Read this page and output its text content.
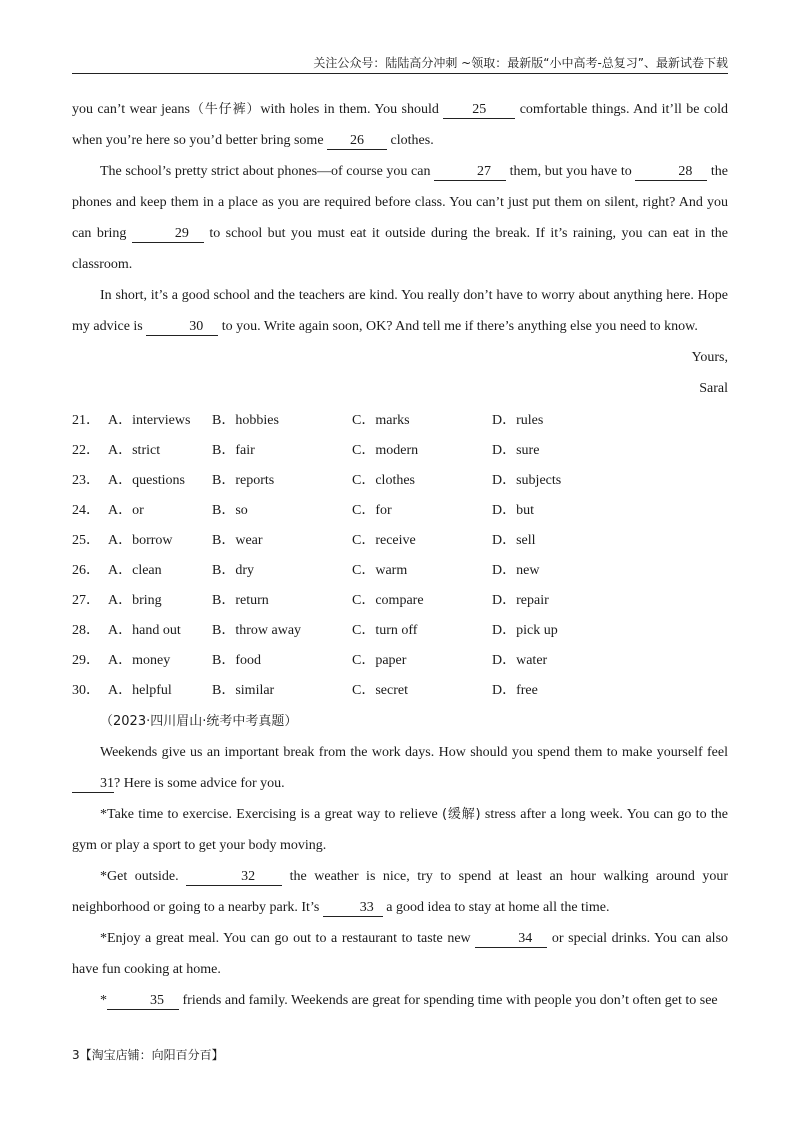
关注公众号：陆陆高分冲刺 ~领取：最新版“小中高考-总复习”、最新试卷下载

you can’t wear jeans（牛仔裤）with holes in them. You should 25 comfortable things. And it’ll be cold when you’re here so you’d better bring some 26 clothes.

The school’s pretty strict about phones—of course you can	27 them, but you have to	28 the phones and keep them in a place as you are required before class. You can’t just put them on silent, right? And you can bring	29 to school but you must eat it outside during the break. If it’s raining, you can eat in the classroom.

In short, it’s a good school and the teachers are kind. You really don’t have to worry about anything here. Hope my advice is	30 to you. Write again soon, OK? And tell me if there’s anything else you need to know.

Yours,

Saral

21． A．interviews	B．hobbies	C．marks	D．rules
22． A．strict	B．fair	C．modern	D．sure
23． A．questions	B．reports	C．clothes	D．subjects
24． A．or	B．so	C．for	D．but
25． A．borrow	B．wear	C．receive	D．sell
26． A．clean	B．dry	C．warm	D．new
27． A．bring	B．return	C．compare	D．repair
28． A．hand out	B．throw away	C．turn off	D．pick up
29． A．money	B．food	C．paper	D．water
30． A．helpful	B．similar	C．secret	D．free

（2023·四川眉山·统考中考真题）

Weekends give us an important break from the work days. How should you spend them to make yourself feel 31? Here is some advice for you.

*Take time to exercise. Exercising is a great way to relieve (缓解) stress after a long week. You can go to the gym or play a sport to get your body moving.

*Get outside.	32 the weather is nice, try to spend at least an hour walking around your neighborhood or going to a nearby park. It’s	33 a good idea to stay at home all the time.

*Enjoy a great meal. You can go out to a restaurant to taste new	34 or special drinks. You can also have fun cooking at home.

*	35 friends and family. Weekends are great for spending time with people you don’t often get to see

3【淘宝店铺：向阳百分百】
